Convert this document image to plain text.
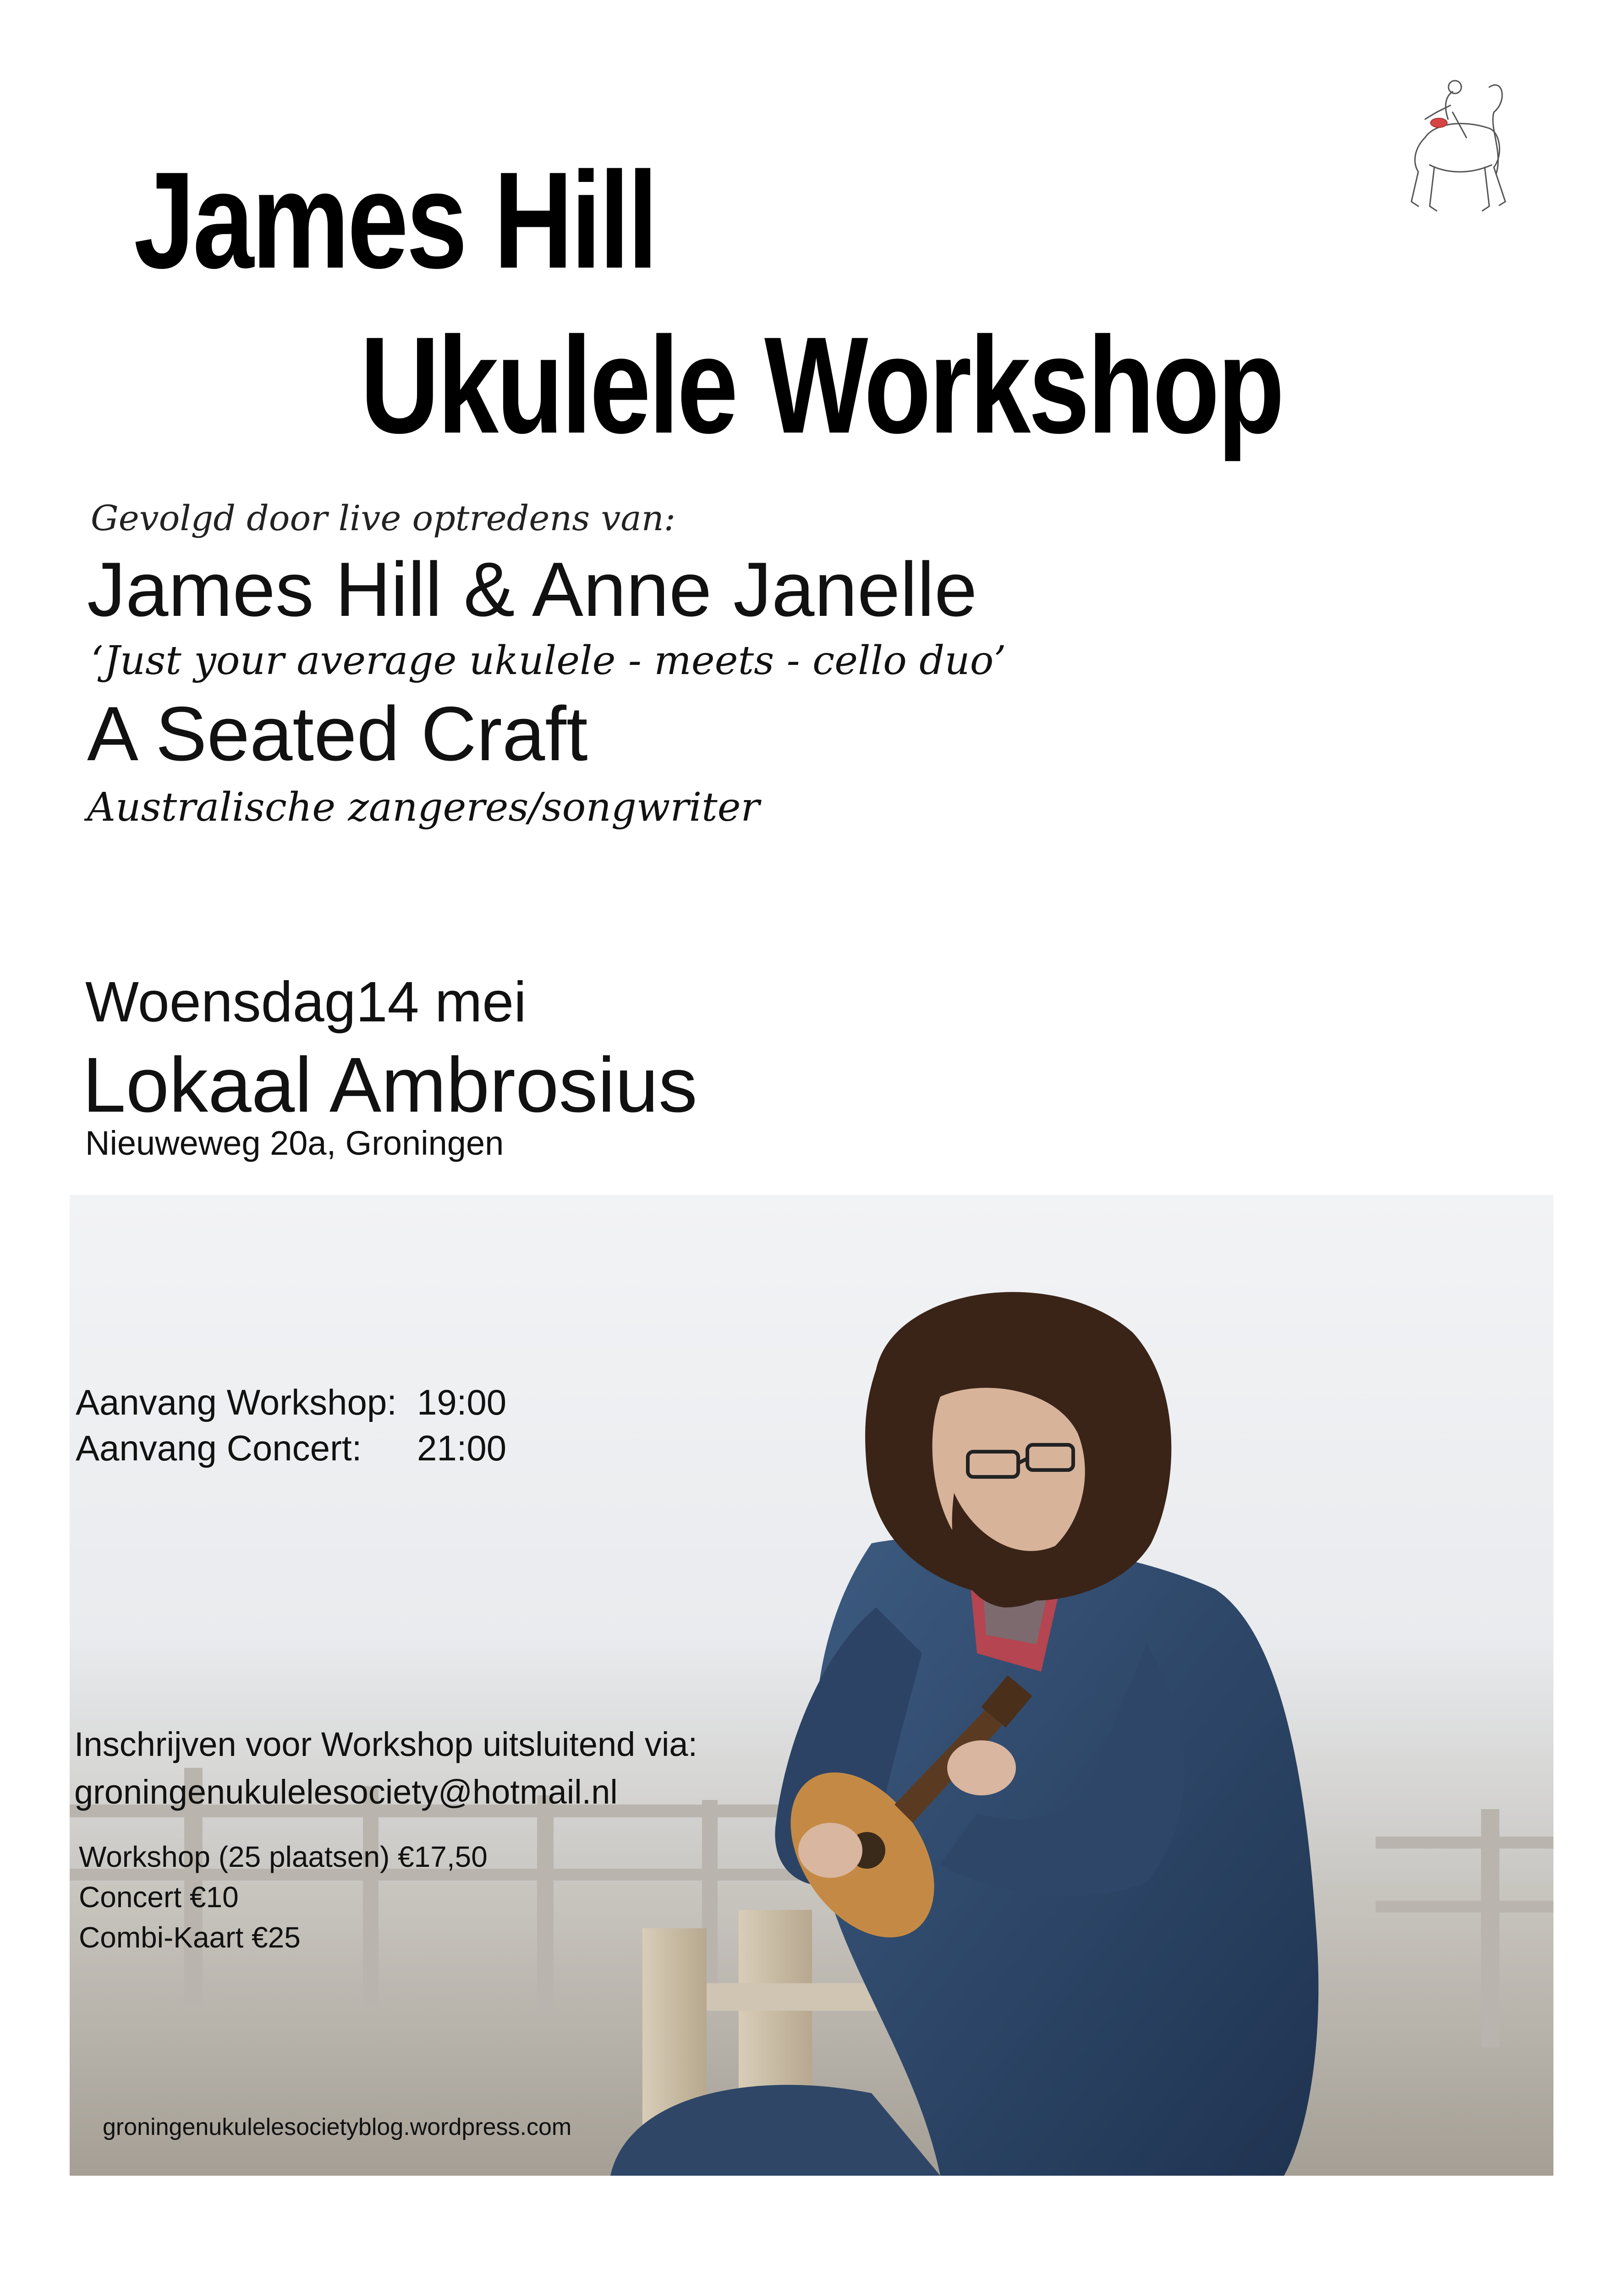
James Hill
Ukulele Workshop
Gevolgd door live optredens van:
James Hill & Anne Janelle
‘Just your average ukulele - meets - cello duo’
A Seated Craft
Australische zangeres/songwriter
Woensdag14 mei
Lokaal Ambrosius
Nieuweweg 20a, Groningen
Aanvang Workshop: 19:00
Aanvang Concert: 21:00
Inschrijven voor Workshop uitsluitend via:
groningenukulelesociety@hotmail.nl
Workshop (25 plaatsen) €17,50
Concert €10
Combi-Kaart €25
groningenukulelesocietyblog.wordpress.com
